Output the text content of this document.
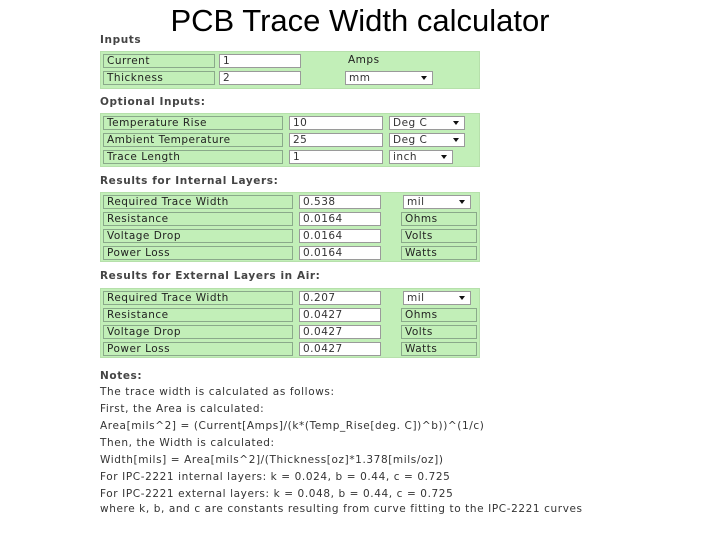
PCB Trace Width calculator
Inputs
Current	1	Amps
Thickness	2	mm
Optional Inputs:
Temperature Rise	10	Deg C
Ambient Temperature	25	Deg C
Trace Length	1	inch
Results for Internal Layers:
Required Trace Width	0.538	mil
Resistance	0.0164	Ohms
Voltage Drop	0.0164	Volts
Power Loss	0.0164	Watts
Results for External Layers in Air:
Required Trace Width	0.207	mil
Resistance	0.0427	Ohms
Voltage Drop	0.0427	Volts
Power Loss	0.0427	Watts
Notes:
The trace width is calculated as follows:
First, the Area is calculated:
Area[mils^2] = (Current[Amps]/(k*(Temp_Rise[deg. C])^b))^(1/c)
Then, the Width is calculated:
Width[mils] = Area[mils^2]/(Thickness[oz]*1.378[mils/oz])
For IPC-2221 internal layers: k = 0.024, b = 0.44, c = 0.725
For IPC-2221 external layers: k = 0.048, b = 0.44, c = 0.725
where k, b, and c are constants resulting from curve fitting to the IPC-2221 curves
